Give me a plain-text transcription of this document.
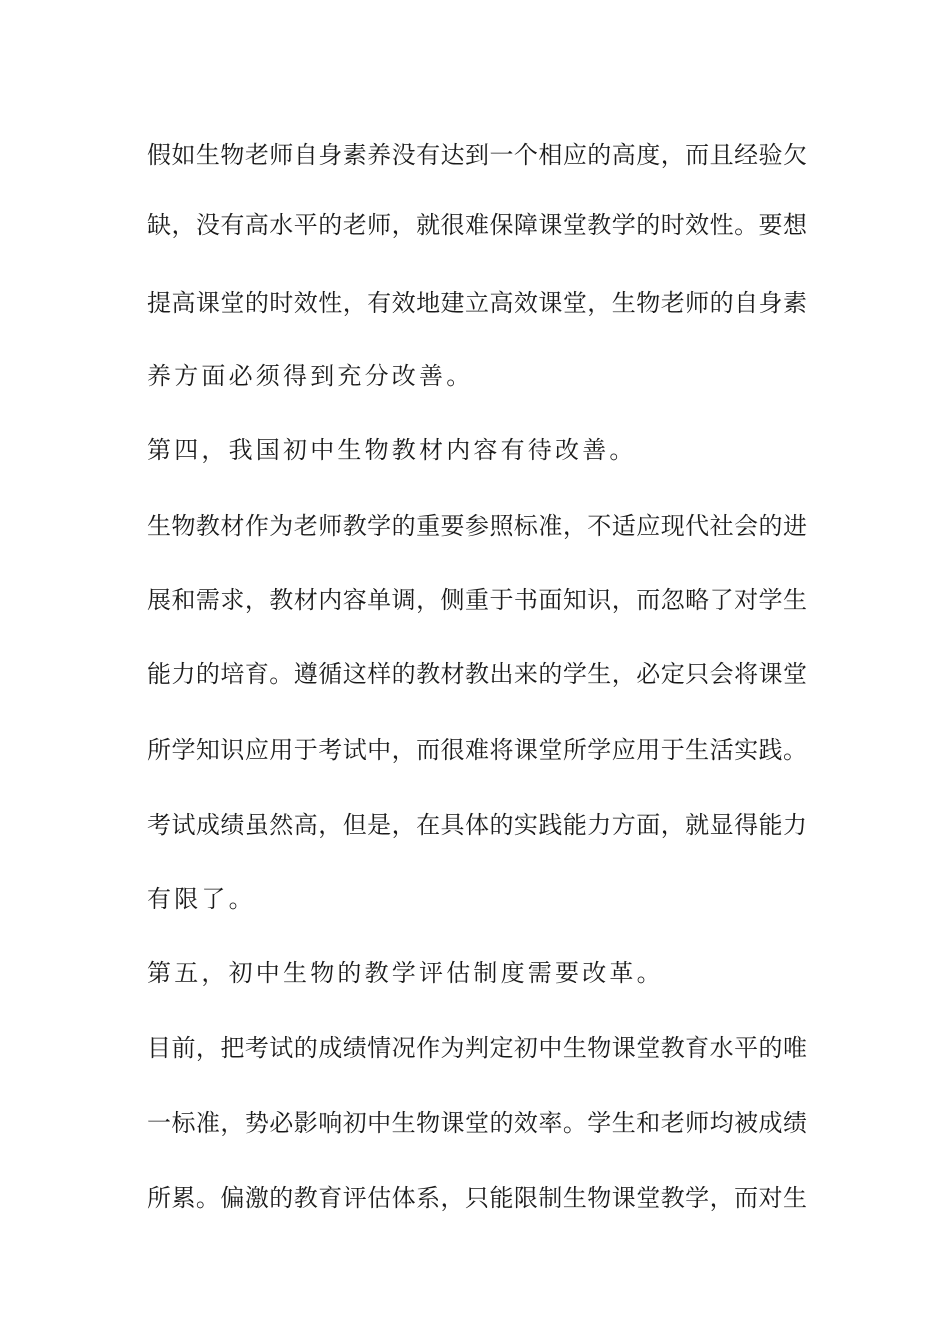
假如生物老师自身素养没有达到一个相应的高度，而且经验欠
缺，没有高水平的老师，就很难保障课堂教学的时效性。要想
提高课堂的时效性，有效地建立高效课堂，生物老师的自身素
养方面必须得到充分改善。
第四，我国初中生物教材内容有待改善。
生物教材作为老师教学的重要参照标准，不适应现代社会的进
展和需求，教材内容单调，侧重于书面知识，而忽略了对学生
能力的培育。遵循这样的教材教出来的学生，必定只会将课堂
所学知识应用于考试中，而很难将课堂所学应用于生活实践。
考试成绩虽然高，但是，在具体的实践能力方面，就显得能力
有限了。
第五，初中生物的教学评估制度需要改革。
目前，把考试的成绩情况作为判定初中生物课堂教育水平的唯
一标准，势必影响初中生物课堂的效率。学生和老师均被成绩
所累。偏激的教育评估体系，只能限制生物课堂教学，而对生
